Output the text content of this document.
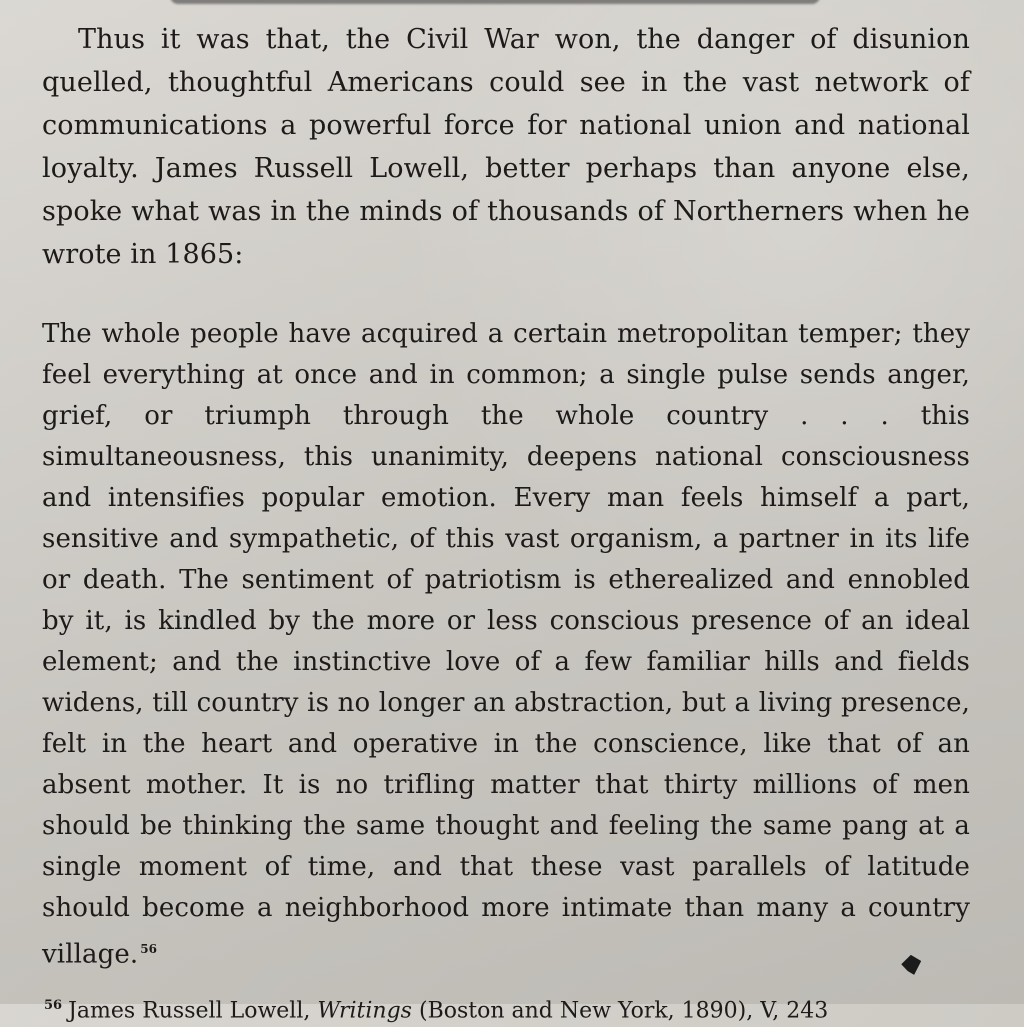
Thus it was that, the Civil War won, the danger of disunion quelled, thoughtful Americans could see in the vast network of communications a powerful force for national union and national loyalty. James Russell Lowell, better perhaps than anyone else, spoke what was in the minds of thousands of Northerners when he wrote in 1865:

The whole people have acquired a certain metropolitan temper; they feel everything at once and in common; a single pulse sends anger, grief, or triumph through the whole country . . . this simultaneousness, this unanimity, deepens national consciousness and intensifies popular emotion. Every man feels himself a part, sensitive and sympathetic, of this vast organism, a partner in its life or death. The sentiment of patriotism is etherealized and ennobled by it, is kindled by the more or less conscious presence of an ideal element; and the instinctive love of a few familiar hills and fields widens, till country is no longer an abstraction, but a living presence, felt in the heart and operative in the conscience, like that of an absent mother. It is no trifling matter that thirty millions of men should be thinking the same thought and feeling the same pang at a single moment of time, and that these vast parallels of latitude should become a neighborhood more intimate than many a country village. $^{56}$

$^{56}$ James Russell Lowell, Writings (Boston and New York, 1890), V, 243
